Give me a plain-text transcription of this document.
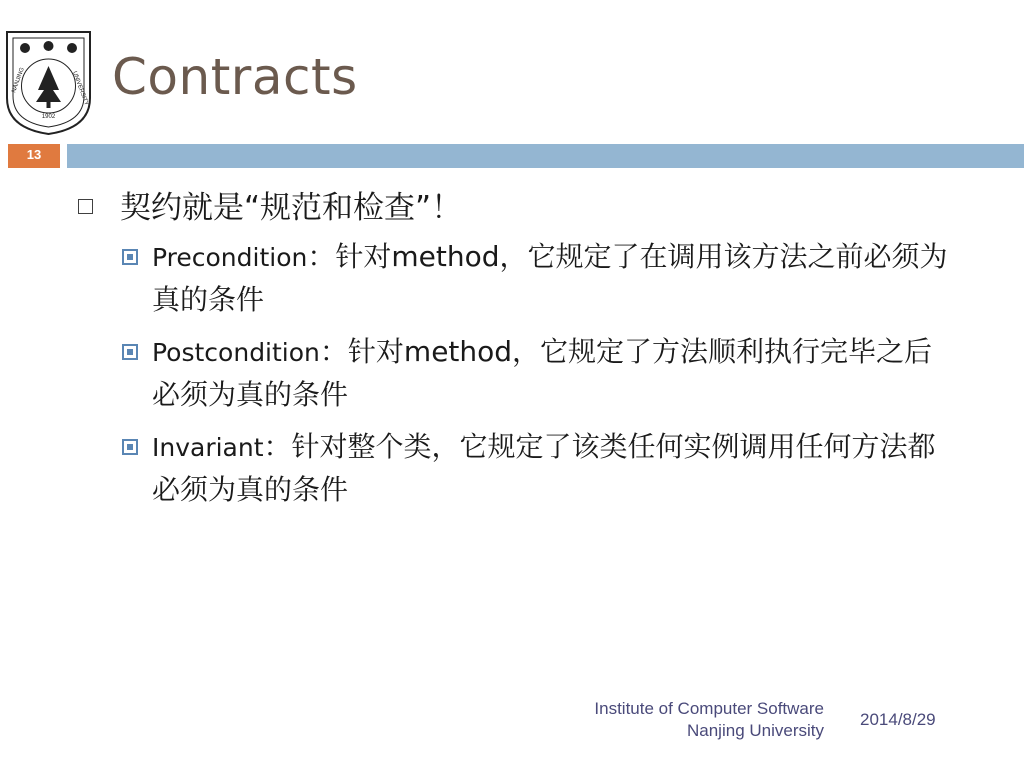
1902
NANJING	UNIVERSITY Contracts
13
契约就是“规范和检查”！
Precondition：针对method，它规定了在调用该方法之前必须为真的条件
Postcondition：针对method，它规定了方法顺利执行完毕之后必须为真的条件
Invariant：针对整个类，它规定了该类任何实例调用任何方法都必须为真的条件
Institute of Computer Software
Nanjing University
2014/8/29
